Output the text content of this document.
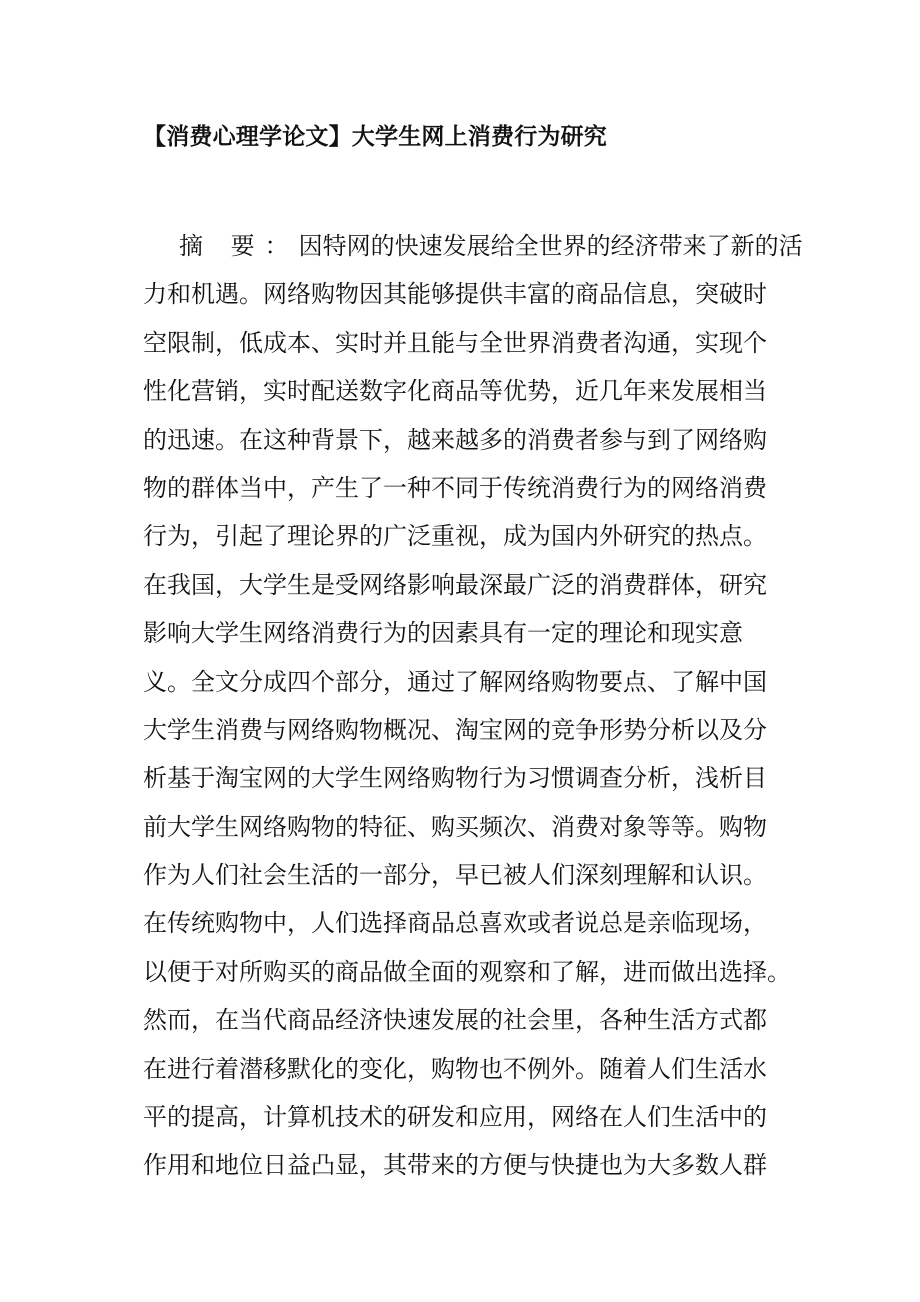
【消费心理学论文】大学生网上消费行为研究
摘 要：因特网的快速发展给全世界的经济带来了新的活
力和机遇。网络购物因其能够提供丰富的商品信息，突破时
空限制，低成本、实时并且能与全世界消费者沟通，实现个
性化营销，实时配送数字化商品等优势，近几年来发展相当
的迅速。在这种背景下，越来越多的消费者参与到了网络购
物的群体当中，产生了一种不同于传统消费行为的网络消费
行为，引起了理论界的广泛重视，成为国内外研究的热点。
在我国，大学生是受网络影响最深最广泛的消费群体，研究
影响大学生网络消费行为的因素具有一定的理论和现实意
义。全文分成四个部分，通过了解网络购物要点、了解中国
大学生消费与网络购物概况、淘宝网的竞争形势分析以及分
析基于淘宝网的大学生网络购物行为习惯调查分析，浅析目
前大学生网络购物的特征、购买频次、消费对象等等。购物
作为人们社会生活的一部分，早已被人们深刻理解和认识。
在传统购物中，人们选择商品总喜欢或者说总是亲临现场，
以便于对所购买的商品做全面的观察和了解，进而做出选择。
然而，在当代商品经济快速发展的社会里，各种生活方式都
在进行着潜移默化的变化，购物也不例外。随着人们生活水
平的提高，计算机技术的研发和应用，网络在人们生活中的
作用和地位日益凸显，其带来的方便与快捷也为大多数人群
